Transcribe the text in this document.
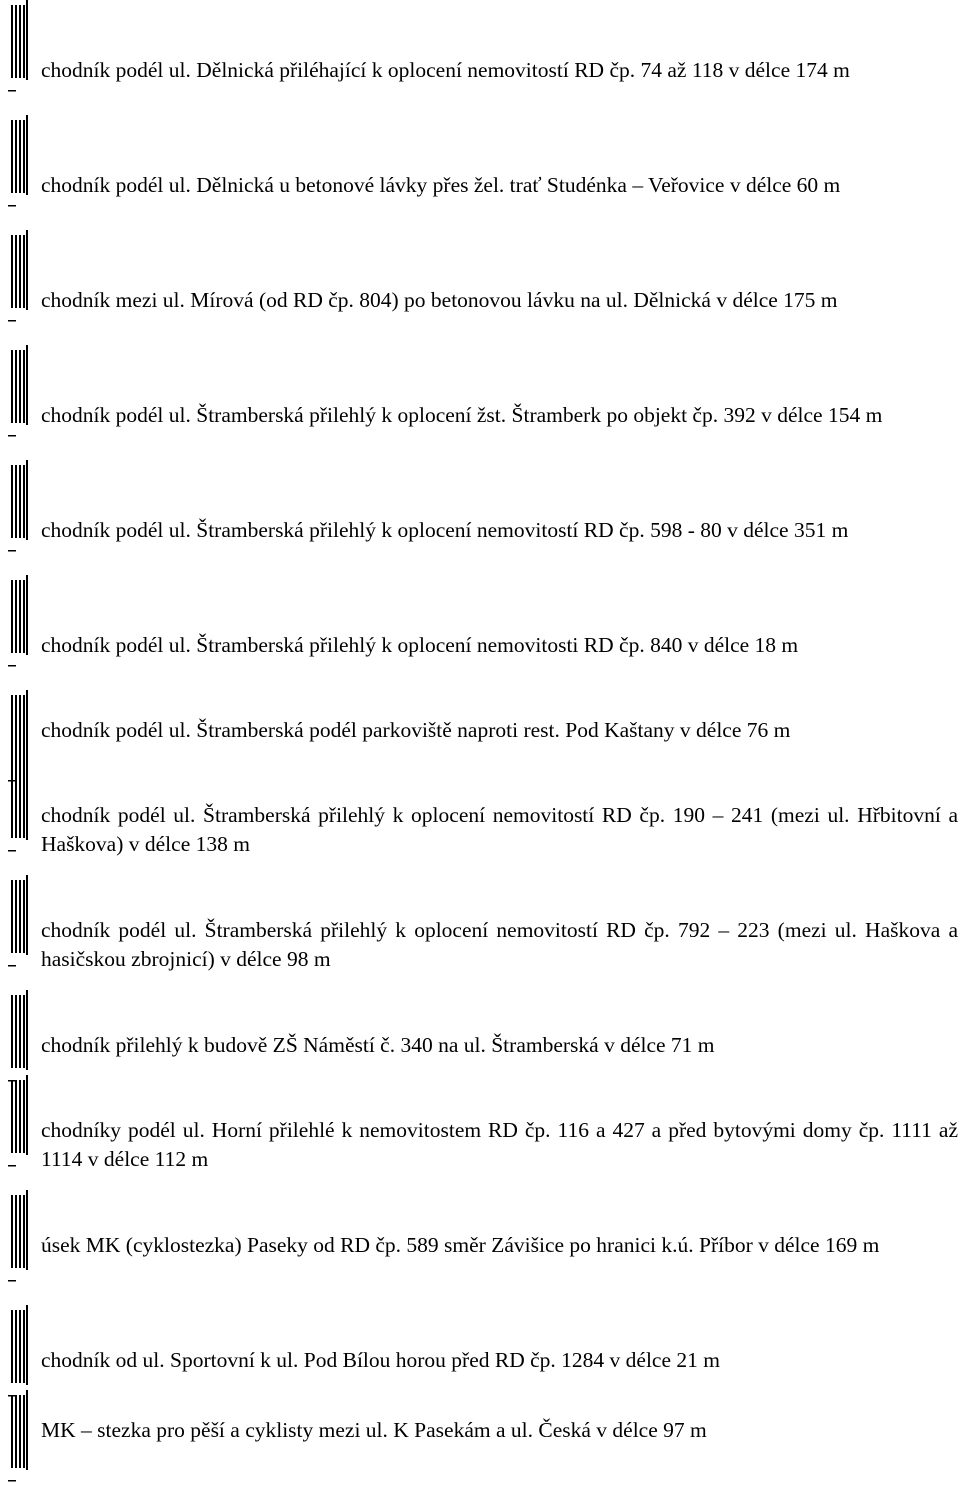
chodník podél ul. Dělnická přiléhající k oplocení nemovitostí RD čp. 74 až 118 v délce 174 m

chodník podél ul. Dělnická u betonové lávky přes žel. trať Studénka – Veřovice v délce 60 m

chodník mezi ul. Mírová (od RD čp. 804) po betonovou lávku na ul. Dělnická v délce 175 m

chodník podél ul. Štramberská přilehlý k oplocení žst. Štramberk po objekt čp. 392 v délce 154 m

chodník podél ul. Štramberská přilehlý k oplocení nemovitostí RD čp. 598 - 80 v délce 351 m

chodník podél ul. Štramberská přilehlý k oplocení nemovitosti RD čp. 840 v délce 18 m

chodník podél ul. Štramberská podél parkoviště naproti rest. Pod Kaštany v délce 76 m

chodník podél ul. Štramberská přilehlý k oplocení nemovitostí RD čp. 190 – 241 (mezi ul. Hřbitovní a Haškova) v délce 138 m

chodník podél ul. Štramberská přilehlý k oplocení nemovitostí RD čp. 792 – 223 (mezi ul. Haškova a hasičskou zbrojnicí) v délce 98 m

chodník přilehlý k budově ZŠ Náměstí č. 340 na ul. Štramberská v délce 71 m

chodníky podél ul. Horní přilehlé k nemovitostem RD čp. 116 a 427 a před bytovými domy čp. 1111 až 1114 v délce 112 m

úsek MK (cyklostezka) Paseky od RD čp. 589 směr Závišice po hranici k.ú. Příbor v délce 169 m

chodník od ul. Sportovní k ul. Pod Bílou horou před RD čp. 1284 v délce 21 m

MK – stezka pro pěší a cyklisty mezi ul. K Pasekám a ul. Česká v délce 97 m
